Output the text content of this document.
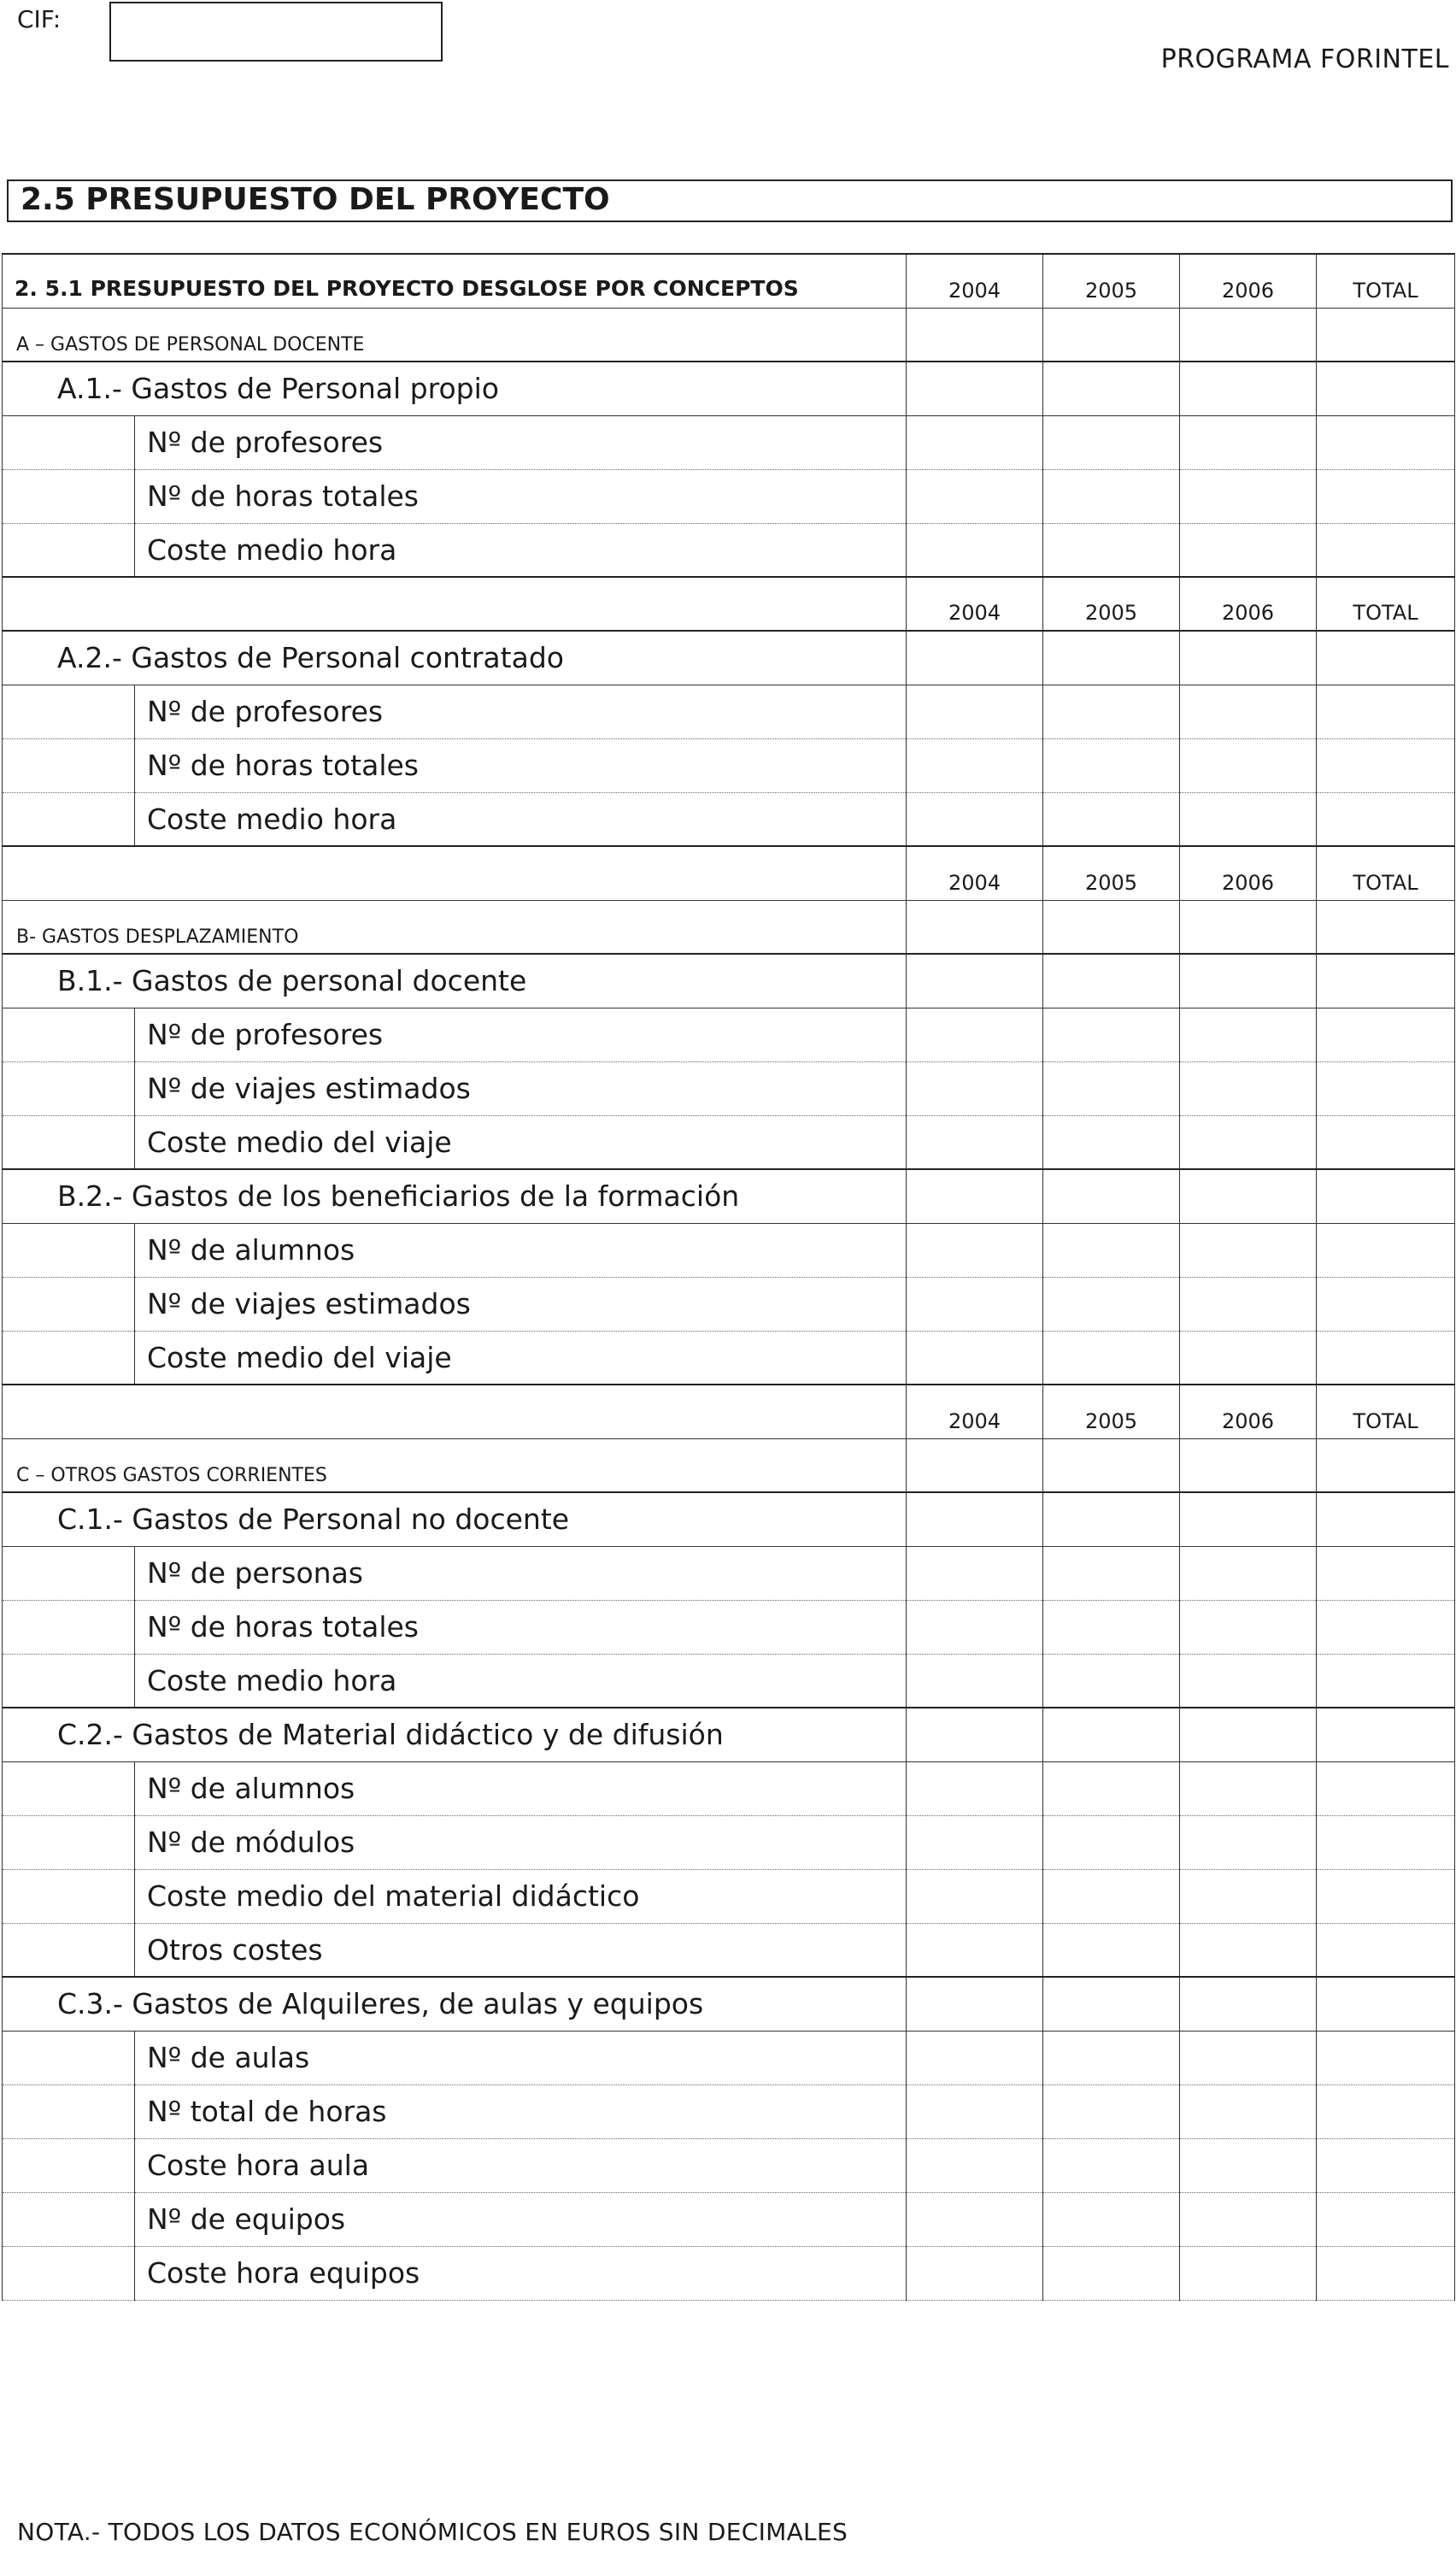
CIF:
PROGRAMA FORINTEL
2.5 PRESUPUESTO DEL PROYECTO
2. 5.1 PRESUPUESTO DEL PROYECTO DESGLOSE POR CONCEPTOS		2004	2005	2006	TOTAL
A – GASTOS DE PERSONAL DOCENTE					
A.1.- Gastos de Personal propio					
	Nº de profesores				
	Nº de horas totales				
	Coste medio hora				
		2004	2005	2006	TOTAL
A.2.- Gastos de Personal contratado					
	Nº de profesores				
	Nº de horas totales				
	Coste medio hora				
		2004	2005	2006	TOTAL
B- GASTOS DESPLAZAMIENTO					
B.1.- Gastos de personal docente					
	Nº de profesores				
	Nº de viajes estimados				
	Coste medio del viaje				
B.2.- Gastos de los beneficiarios de la formación					
	Nº de alumnos				
	Nº de viajes estimados				
	Coste medio del viaje				
		2004	2005	2006	TOTAL
C – OTROS GASTOS CORRIENTES					
C.1.- Gastos de Personal no docente					
	Nº de personas				
	Nº de horas totales				
	Coste medio hora				
C.2.- Gastos de Material didáctico y de difusión					
	Nº de alumnos				
	Nº de módulos				
	Coste medio del material didáctico				
	Otros costes				
C.3.- Gastos de Alquileres, de aulas y equipos					
	Nº de aulas				
	Nº total de horas				
	Coste hora aula				
	Nº de equipos				
	Coste hora equipos				
NOTA.- TODOS LOS DATOS ECONÓMICOS EN EUROS SIN DECIMALES
